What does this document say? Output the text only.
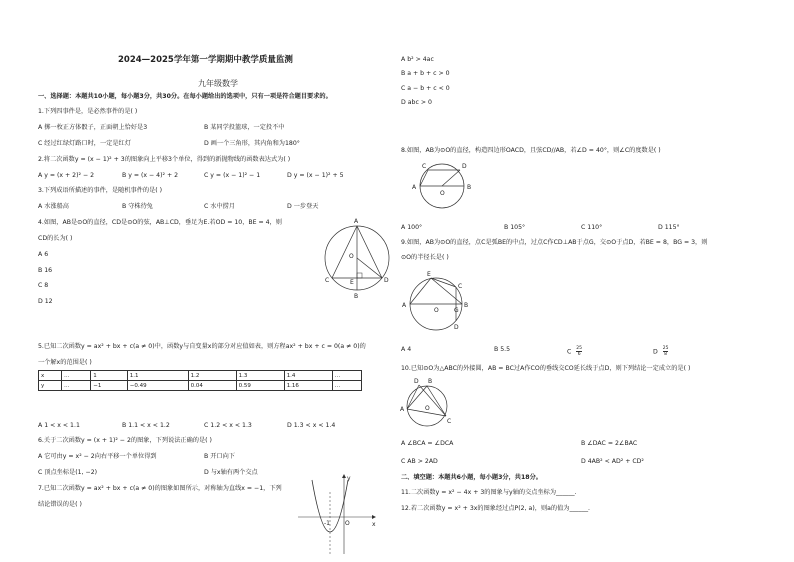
2024—2025学年第一学期期中教学质量监测
九年级数学
一、选择题：本题共10小题，每小题3分，共30分。在每小题给出的选项中，只有一项是符合题目要求的。
1.下列四事件是，是必然事件的是( )
A 掷一枚正方体骰子，正面朝上恰好是3	B 某同学投篮球，一定投不中
C 经过红绿灯路口时，一定是红灯	D 画一个三角形，其内角和为180°
2.将二次函数y = (x − 1)² + 3的图象向上平移3个单位，得到的新抛物线的函数表达式为( )
A y = (x + 2)² − 2	B y = (x − 4)² + 2	C y = (x − 1)² − 1	D y = (x − 1)² + 5
3.下列成语所描述的事件，是随机事件的是( )
A 水涨船高	B 守株待兔	C 水中捞月	D 一步登天
4.如图，AB是⊙O的直径，CD是⊙O的弦，AB⊥CD，垂足为E.若OD = 10，BE = 4，则
CD的长为( )
A 6
B 16
C 8
D 12
A
O
C	D
E
B
5.已知二次函数y = ax² + bx + c(a ≠ 0)中，函数y与自变量x的部分对应值如表，则方程ax² + bx + c = 0(a ≠ 0)的
一个解x的范围是( )
x	…	1	1.1	1.2	1.3	1.4	…
y	…	−1	−0.49	0.04	0.59	1.16	…
A 1 < x < 1.1	B 1.1 < x < 1.2	C 1.2 < x < 1.3	D 1.3 < x < 1.4
6.关于二次函数y = (x + 1)² − 2的图象，下列说法正确的是( )
A 它可由y = x² − 2向右平移一个单位得到	B 开口向下
C 顶点坐标是(1, −2)	D 与x轴有两个交点
7.已知二次函数y = ax² + bx + c(a ≠ 0)的图象如图所示，对称轴为直线x = −1，下列
结论错误的是( )
y
x
O
-1
A b² > 4ac
B a + b + c > 0
C a − b + c < 0
D abc > 0
8.如图，AB为⊙O的直径，构造四边形OACD，且弦CD//AB，若∠D = 40°，则∠C的度数是( )
A	B
C	D
O
A 100°	B 105°	C 110°	D 115°
9.如图，AB为⊙O的直径，点C是弧BE的中点，过点C作CD⊥AB于点G，交⊙O于点D，若BE = 8，BG = 3，则
⊙O的半径长是( )
E
C
A
O	G
B
D
A 4	B 5.5	C $\frac{25}{6}$	D $\frac{25}{8}$
10.已知⊙O为△ABC的外接圆，AB = BC过A作CO的垂线交CO延长线于点D，则下列结论一定成立的是( )
D B
A	O
C
A ∠BCA = ∠DCA	B ∠DAC = 2∠BAC
C AB > 2AD	D 4AB² < AD² + CD²
二、填空题：本题共6小题，每小题3分，共18分。
11.二次函数y = x² − 4x + 3的图象与y轴的交点坐标为______.
12.若二次函数y = x² + 3x的图象经过点P(2, a)，则a的值为______.
